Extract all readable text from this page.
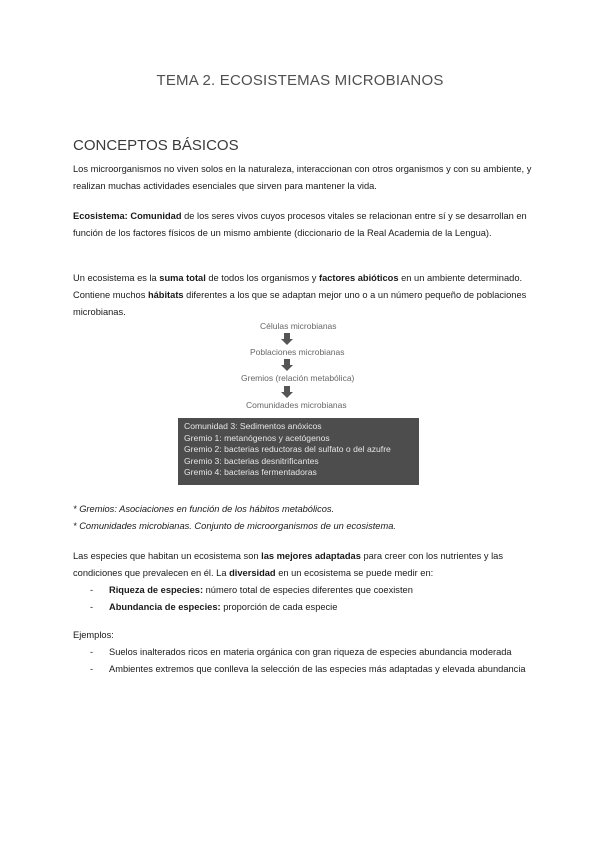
TEMA 2. ECOSISTEMAS MICROBIANOS
CONCEPTOS BÁSICOS

Los microorganismos no viven solos en la naturaleza, interaccionan con otros organismos y con su ambiente, y realizan muchas actividades esenciales que sirven para mantener la vida.

Ecosistema: Comunidad de los seres vivos cuyos procesos vitales se relacionan entre sí y se desarrollan en función de los factores físicos de un mismo ambiente (diccionario de la Real Academia de la Lengua).

Un ecosistema es la suma total de todos los organismos y factores abióticos en un ambiente determinado. Contiene muchos hábitats diferentes a los que se adaptan mejor uno o a un número pequeño de poblaciones microbianas.

Células microbianas
Poblaciones microbianas
Gremios (relación metabólica)
Comunidades microbianas
Comunidad 3: Sedimentos anóxicos
Gremio 1: metanógenos y acetógenos
Gremio 2: bacterias reductoras del sulfato o del azufre
Gremio 3: bacterias desnitrificantes
Gremio 4: bacterias fermentadoras
* Gremios: Asociaciones en función de los hábitos metabólicos.
* Comunidades microbianas. Conjunto de microorganismos de un ecosistema.

Las especies que habitan un ecosistema son las mejores adaptadas para creer con los nutrientes y las condiciones que prevalecen en él. La diversidad en un ecosistema se puede medir en:

- Riqueza de especies: número total de especies diferentes que coexisten
- Abundancia de especies: proporción de cada especie
Ejemplos:
- Suelos inalterados ricos en materia orgánica con gran riqueza de especies abundancia moderada
- Ambientes extremos que conlleva la selección de las especies más adaptadas y elevada abundancia
